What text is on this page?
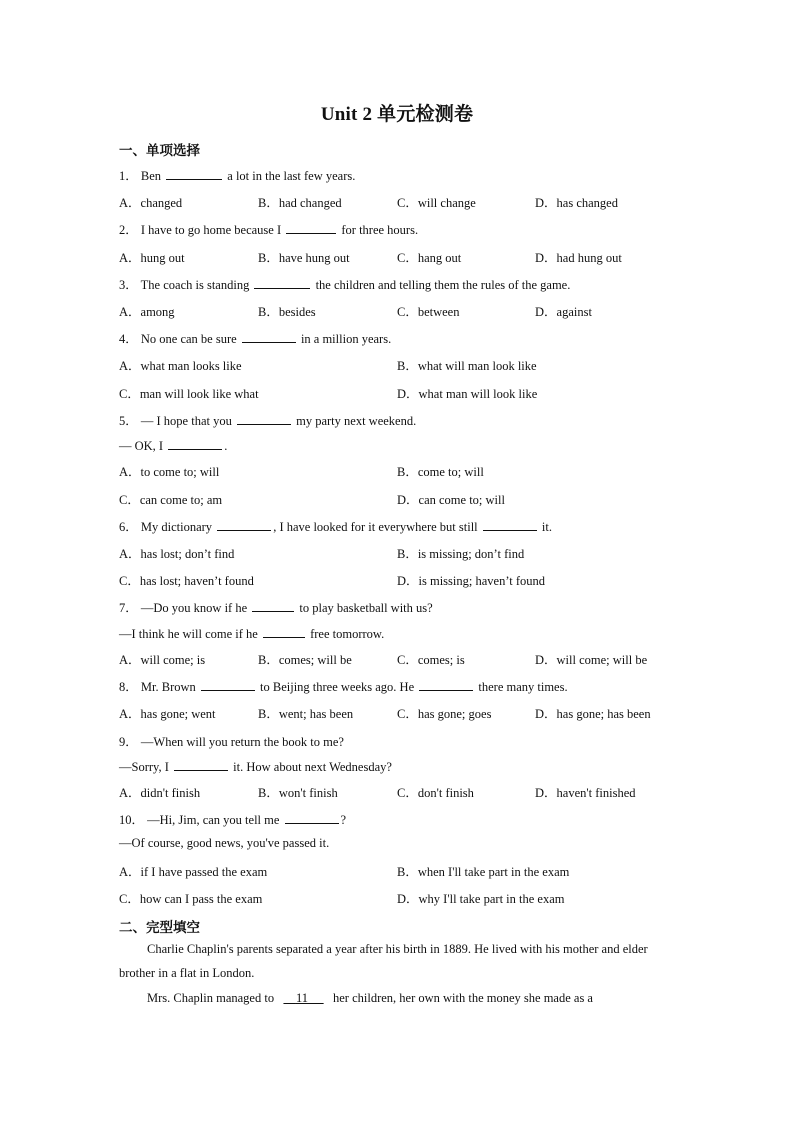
Unit 2 单元检测卷
一、单项选择
1． Ben	a lot in the last few years.
A．changed	B．had changed	C．will change	D．has changed
2． I have to go home because I	for three hours.
A．hung out	B．have hung out	C．hang out	D．had hung out
3． The coach is standing	the children and telling them the rules of the game.
A．among	B．besides	C．between	D．against
4． No one can be sure	in a million years.
A．what man looks like	B．what will man look like
C．man will look like what	D．what man will look like
5． — I hope that you	my party next weekend.
— OK, I	.
A．to come to; will	B．come to; will
C．can come to; am	D．can come to; will
6． My dictionary	, I have looked for it everywhere but still	it.
A．has lost; don’t find	B．is missing; don’t find
C．has lost; haven’t found	D．is missing; haven’t found
7． —Do you know if he	to play basketball with us?
—I think he will come if he	free tomorrow.
A．will come; is	B．comes; will be	C．comes; is	D．will come; will be
8． Mr. Brown	to Beijing three weeks ago. He	there many times.
A．has gone; went	B．went; has been	C．has gone; goes	D．has gone; has been
9． —When will you return the book to me?
—Sorry, I	it. How about next Wednesday?
A．didn't finish	B．won't finish	C．don't finish	D．haven't finished
10． —Hi, Jim, can you tell me	?
—Of course, good news, you've passed it.
A．if I have passed the exam	B．when I'll take part in the exam
C．how can I pass the exam	D．why I'll take part in the exam
二、完型填空
Charlie Chaplin's parents separated a year after his birth in 1889. He lived with his mother and elder brother in a flat in London.
Mrs. Chaplin managed to 11 her children, her own with the money she made as a
